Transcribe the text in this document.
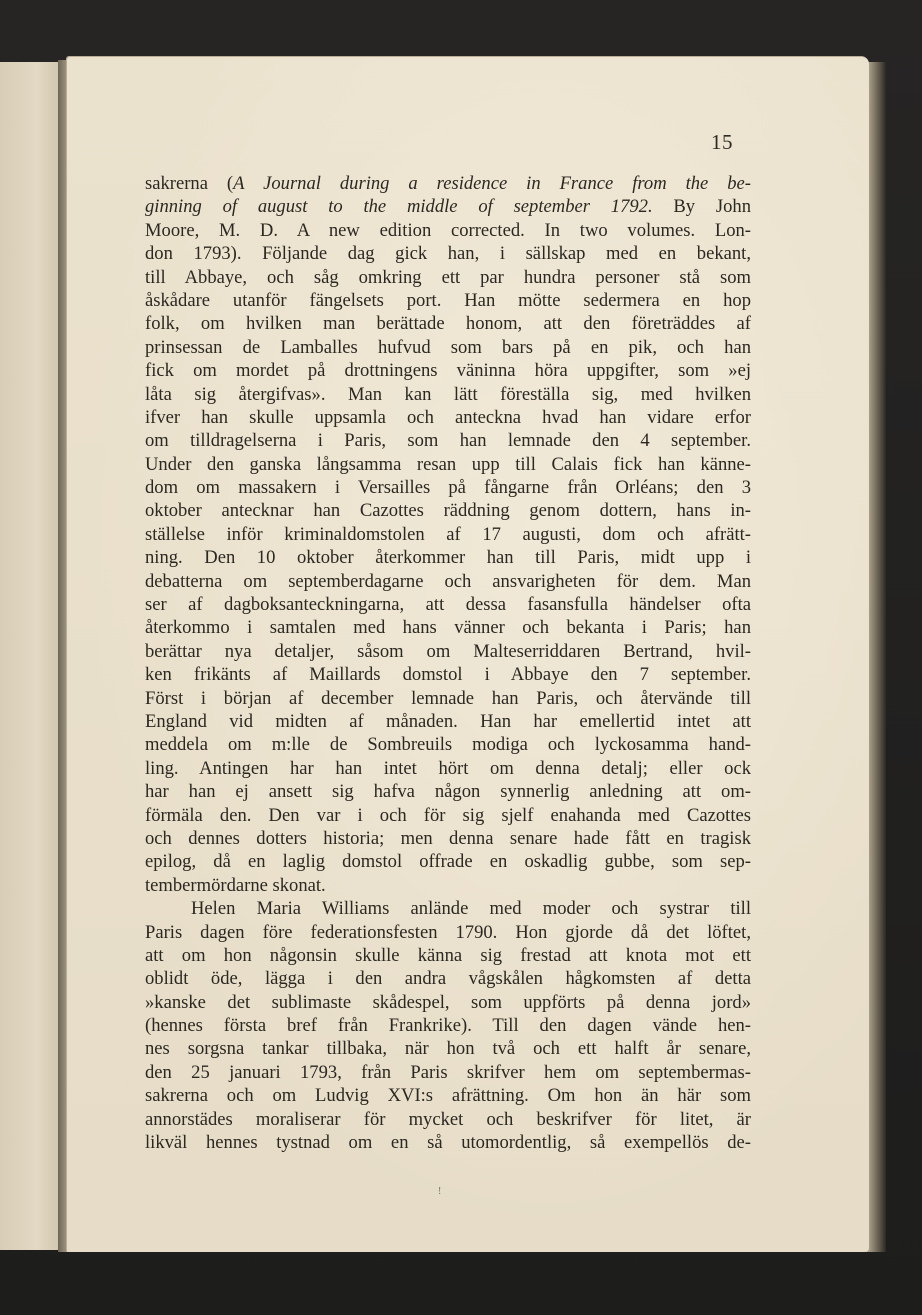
15
sakrerna (A Journal during a residence in France from the be-
ginning of august to the middle of september 1792. By John
Moore, M. D. A new edition corrected. In two volumes. Lon-
don 1793). Följande dag gick han, i sällskap med en bekant,
till Abbaye, och såg omkring ett par hundra personer stå som
åskådare utanför fängelsets port. Han mötte sedermera en hop
folk, om hvilken man berättade honom, att den företräddes af
prinsessan de Lamballes hufvud som bars på en pik, och han
fick om mordet på drottningens väninna höra uppgifter, som »ej
låta sig återgifvas». Man kan lätt föreställa sig, med hvilken
ifver han skulle uppsamla och anteckna hvad han vidare erfor
om tilldragelserna i Paris, som han lemnade den 4 september.
Under den ganska långsamma resan upp till Calais fick han känne-
dom om massakern i Versailles på fångarne från Orléans; den 3
oktober antecknar han Cazottes räddning genom dottern, hans in-
ställelse inför kriminaldomstolen af 17 augusti, dom och afrätt-
ning. Den 10 oktober återkommer han till Paris, midt upp i
debatterna om septemberdagarne och ansvarigheten för dem. Man
ser af dagboksanteckningarna, att dessa fasansfulla händelser ofta
återkommo i samtalen med hans vänner och bekanta i Paris; han
berättar nya detaljer, såsom om Malteserriddaren Bertrand, hvil-
ken frikänts af Maillards domstol i Abbaye den 7 september.
Först i början af december lemnade han Paris, och återvände till
England vid midten af månaden. Han har emellertid intet att
meddela om m:lle de Sombreuils modiga och lyckosamma hand-
ling. Antingen har han intet hört om denna detalj; eller ock
har han ej ansett sig hafva någon synnerlig anledning att om-
förmäla den. Den var i och för sig sjelf enahanda med Cazottes
och dennes dotters historia; men denna senare hade fått en tragisk
epilog, då en laglig domstol offrade en oskadlig gubbe, som sep-
tembermördarne skonat.
Helen Maria Williams anlände med moder och systrar till
Paris dagen före federationsfesten 1790. Hon gjorde då det löftet,
att om hon någonsin skulle känna sig frestad att knota mot ett
oblidt öde, lägga i den andra vågskålen hågkomsten af detta
»kanske det sublimaste skådespel, som uppförts på denna jord»
(hennes första bref från Frankrike). Till den dagen vände hen-
nes sorgsna tankar tillbaka, när hon två och ett halft år senare,
den 25 januari 1793, från Paris skrifver hem om septembermas-
sakrerna och om Ludvig XVI:s afrättning. Om hon än här som
annorstädes moraliserar för mycket och beskrifver för litet, är
likväl hennes tystnad om en så utomordentlig, så exempellös de-
!
